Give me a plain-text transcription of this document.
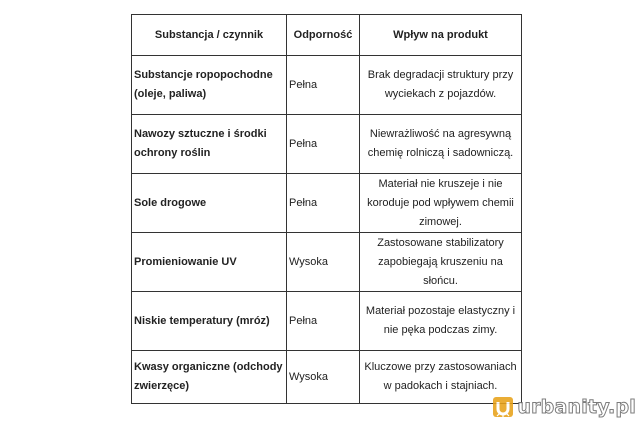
Substancja / czynnik	Odporność	Wpływ na produkt
Substancje ropopochodne (oleje, paliwa)	Pełna	Brak degradacji struktury przy wyciekach z pojazdów.
Nawozy sztuczne i środki ochrony roślin	Pełna	Niewrażliwość na agresywną chemię rolniczą i sadowniczą.
Sole drogowe	Pełna	Materiał nie kruszeje i nie koroduje pod wpływem chemii zimowej.
Promieniowanie UV	Wysoka	Zastosowane stabilizatory zapobiegają kruszeniu na słońcu.
Niskie temperatury (mróz)	Pełna	Materiał pozostaje elastyczny i nie pęka podczas zimy.
Kwasy organiczne (odchody zwierzęce)	Wysoka	Kluczowe przy zastosowaniach w padokach i stajniach.
urbanity.pl
